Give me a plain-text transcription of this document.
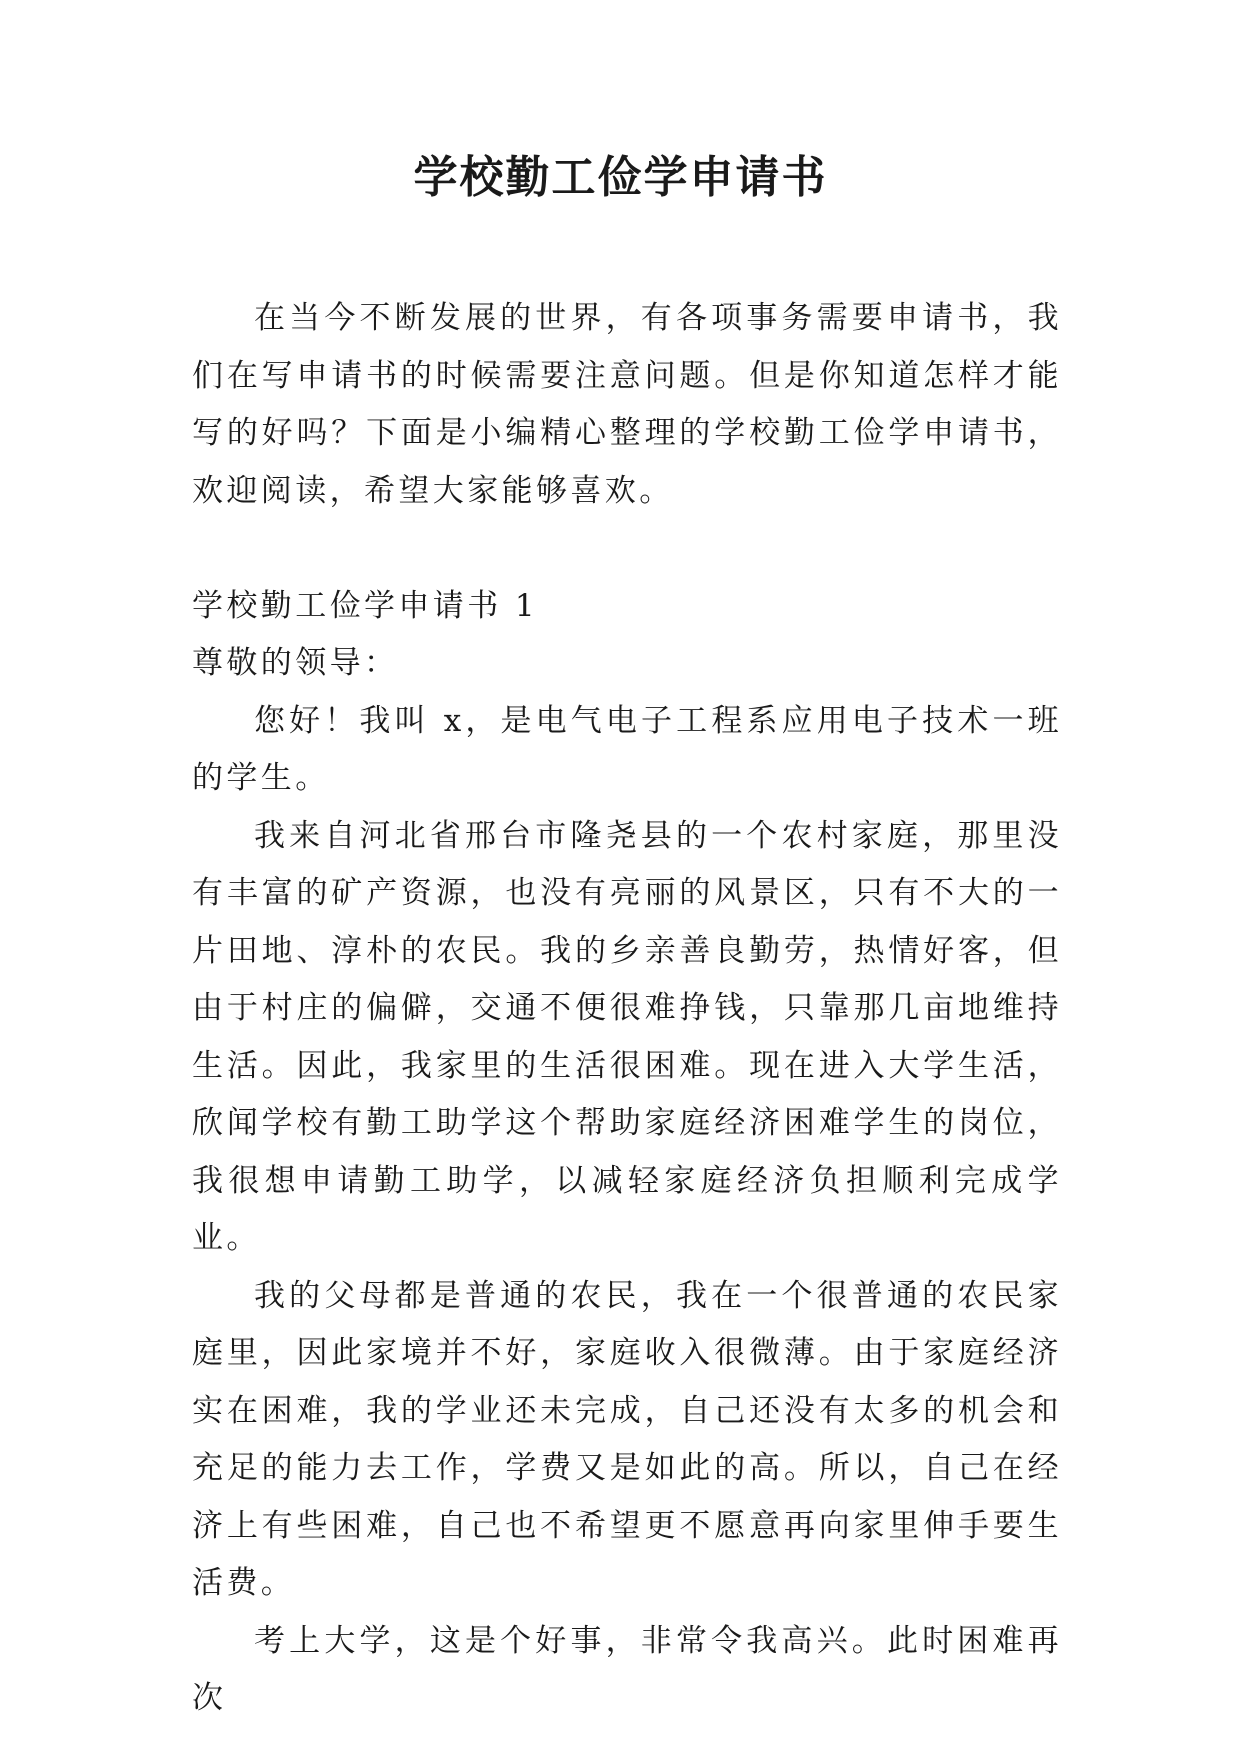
学校勤工俭学申请书

在当今不断发展的世界，有各项事务需要申请书，我们在写申请书的时候需要注意问题。但是你知道怎样才能写的好吗？下面是小编精心整理的学校勤工俭学申请书，欢迎阅读，希望大家能够喜欢。

学校勤工俭学申请书 1

尊敬的领导：

您好！我叫 x，是电气电子工程系应用电子技术一班的学生。

我来自河北省邢台市隆尧县的一个农村家庭，那里没有丰富的矿产资源，也没有亮丽的风景区，只有不大的一片田地、淳朴的农民。我的乡亲善良勤劳，热情好客，但由于村庄的偏僻，交通不便很难挣钱，只靠那几亩地维持生活。因此，我家里的生活很困难。现在进入大学生活，欣闻学校有勤工助学这个帮助家庭经济困难学生的岗位，我很想申请勤工助学，以减轻家庭经济负担顺利完成学业。

我的父母都是普通的农民，我在一个很普通的农民家庭里，因此家境并不好，家庭收入很微薄。由于家庭经济实在困难，我的学业还未完成，自己还没有太多的机会和充足的能力去工作，学费又是如此的高。所以，自己在经济上有些困难，自己也不希望更不愿意再向家里伸手要生活费。

考上大学，这是个好事，非常令我高兴。此时困难再次
